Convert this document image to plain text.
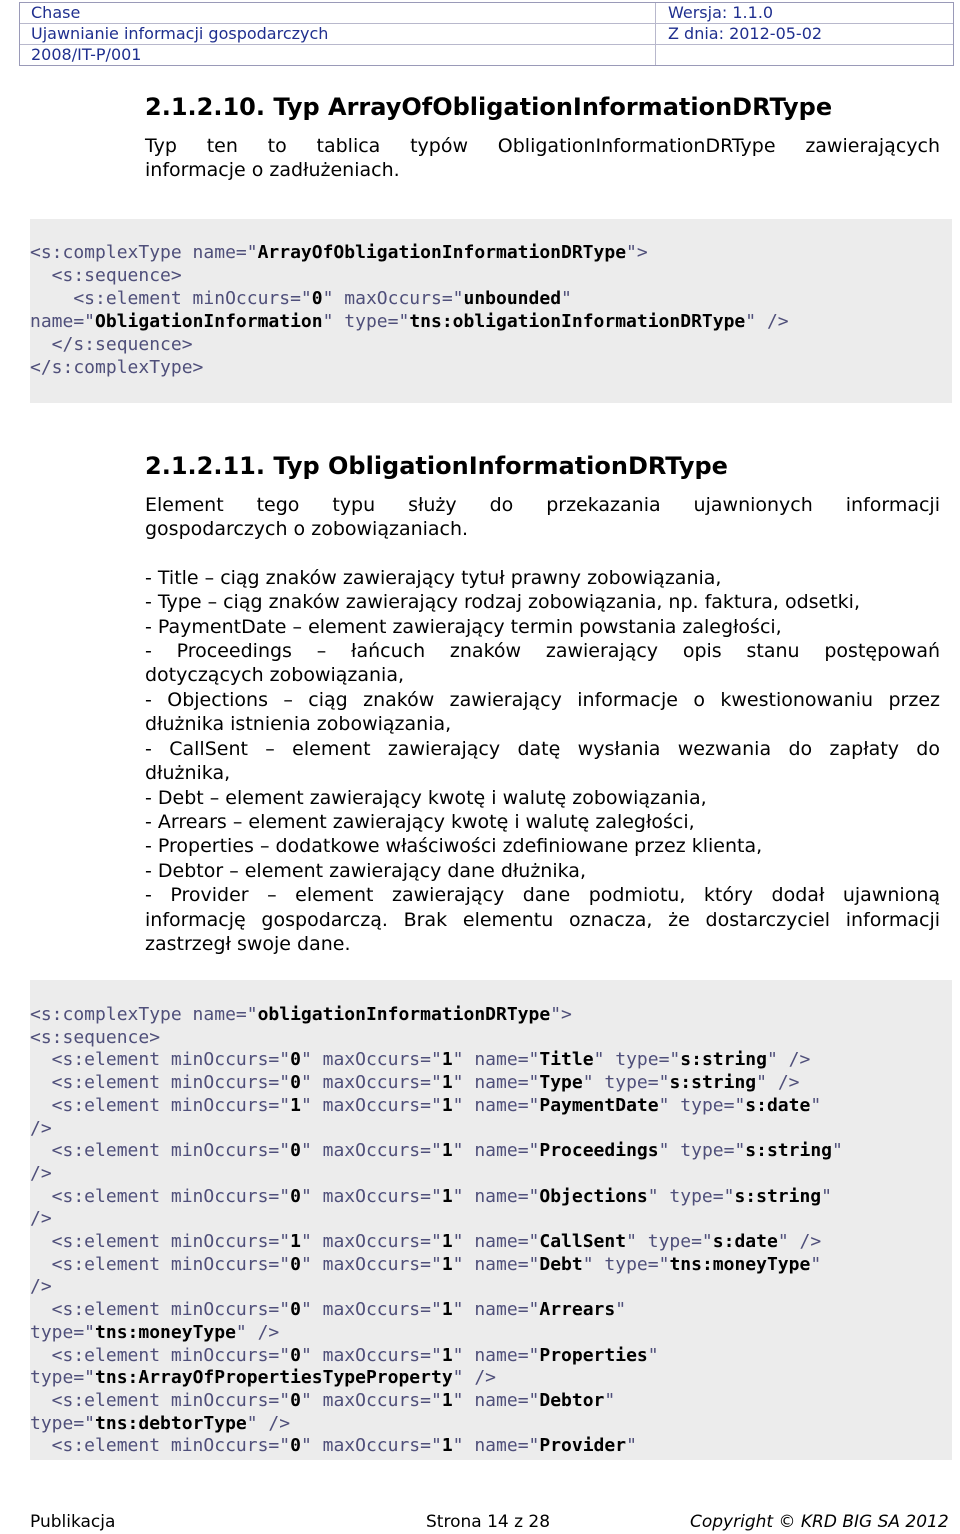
Chase	Wersja: 1.1.0
Ujawnianie informacji gospodarczych	Z dnia: 2012-05-02
2008/IT-P/001
2.1.2.10. Typ ArrayOfObligationInformationDRType
Typ ten to tablica typów ObligationInformationDRType zawierających
informacje o zadłużeniach.
<s:complexType name="ArrayOfObligationInformationDRType">
<s:sequence>
<s:element minOccurs="0" maxOccurs="unbounded"
name="ObligationInformation" type="tns:obligationInformationDRType" />
</s:sequence>
</s:complexType>
2.1.2.11. Typ ObligationInformationDRType
Element tego typu służy do przekazania ujawnionych informacji
gospodarczych o zobowiązaniach.
- Title – ciąg znaków zawierający tytuł prawny zobowiązania,
- Type – ciąg znaków zawierający rodzaj zobowiązania, np. faktura, odsetki,
- PaymentDate – element zawierający termin powstania zaległości,
- Proceedings – łańcuch znaków zawierający opis stanu postępowań
dotyczących zobowiązania,
- Objections – ciąg znaków zawierający informacje o kwestionowaniu przez
dłużnika istnienia zobowiązania,
- CallSent – element zawierający datę wysłania wezwania do zapłaty do
dłużnika,
- Debt – element zawierający kwotę i walutę zobowiązania,
- Arrears – element zawierający kwotę i walutę zaległości,
- Properties – dodatkowe właściwości zdefiniowane przez klienta,
- Debtor – element zawierający dane dłużnika,
- Provider – element zawierający dane podmiotu, który dodał ujawnioną
informację gospodarczą. Brak elementu oznacza, że dostarczyciel informacji
zastrzegł swoje dane.
<s:complexType name="obligationInformationDRType">
<s:sequence>
<s:element minOccurs="0" maxOccurs="1" name="Title" type="s:string" />
<s:element minOccurs="0" maxOccurs="1" name="Type" type="s:string" />
<s:element minOccurs="1" maxOccurs="1" name="PaymentDate" type="s:date"
/>
<s:element minOccurs="0" maxOccurs="1" name="Proceedings" type="s:string"
/>
<s:element minOccurs="0" maxOccurs="1" name="Objections" type="s:string"
/>
<s:element minOccurs="1" maxOccurs="1" name="CallSent" type="s:date" />
<s:element minOccurs="0" maxOccurs="1" name="Debt" type="tns:moneyType"
/>
<s:element minOccurs="0" maxOccurs="1" name="Arrears"
type="tns:moneyType" />
<s:element minOccurs="0" maxOccurs="1" name="Properties"
type="tns:ArrayOfPropertiesTypeProperty" />
<s:element minOccurs="0" maxOccurs="1" name="Debtor"
type="tns:debtorType" />
<s:element minOccurs="0" maxOccurs="1" name="Provider"
Publikacja	Strona 14 z 28	Copyright © KRD BIG SA 2012
